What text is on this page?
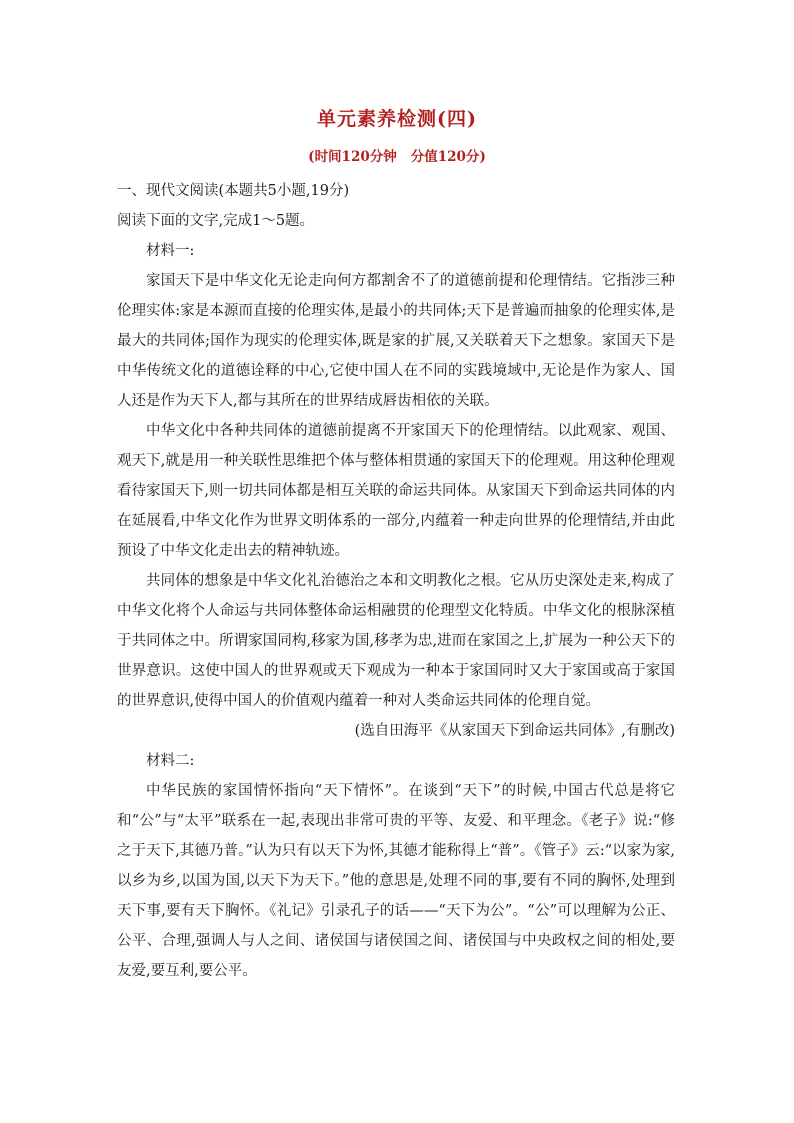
单元素养检测(四)
(时间120分钟 分值120分)
一、现代文阅读(本题共5小题,19分)
阅读下面的文字,完成1～5题。
材料一:

家国天下是中华文化无论走向何方都割舍不了的道德前提和伦理情结。它指涉三种伦理实体:家是本源而直接的伦理实体,是最小的共同体;天下是普遍而抽象的伦理实体,是最大的共同体;国作为现实的伦理实体,既是家的扩展,又关联着天下之想象。家国天下是中华传统文化的道德诠释的中心,它使中国人在不同的实践境域中,无论是作为家人、国人还是作为天下人,都与其所在的世界结成唇齿相依的关联。

中华文化中各种共同体的道德前提离不开家国天下的伦理情结。以此观家、观国、观天下,就是用一种关联性思维把个体与整体相贯通的家国天下的伦理观。用这种伦理观看待家国天下,则一切共同体都是相互关联的命运共同体。从家国天下到命运共同体的内在延展看,中华文化作为世界文明体系的一部分,内蕴着一种走向世界的伦理情结,并由此预设了中华文化走出去的精神轨迹。

共同体的想象是中华文化礼治德治之本和文明教化之根。它从历史深处走来,构成了中华文化将个人命运与共同体整体命运相融贯的伦理型文化特质。中华文化的根脉深植于共同体之中。所谓家国同构,移家为国,移孝为忠,进而在家国之上,扩展为一种公天下的世界意识。这使中国人的世界观或天下观成为一种本于家国同时又大于家国或高于家国的世界意识,使得中国人的价值观内蕴着一种对人类命运共同体的伦理自觉。

(选自田海平《从家国天下到命运共同体》,有删改)
材料二:

中华民族的家国情怀指向“天下情怀”。在谈到“天下”的时候,中国古代总是将它和“公”与“太平”联系在一起,表现出非常可贵的平等、友爱、和平理念。《老子》说:“修之于天下,其德乃普。”认为只有以天下为怀,其德才能称得上“普”。《管子》云:“以家为家,以乡为乡,以国为国,以天下为天下。”他的意思是,处理不同的事,要有不同的胸怀,处理到天下事,要有天下胸怀。《礼记》引录孔子的话——“天下为公”。“公”可以理解为公正、公平、合理,强调人与人之间、诸侯国与诸侯国之间、诸侯国与中央政权之间的相处,要友爱,要互利,要公平。
